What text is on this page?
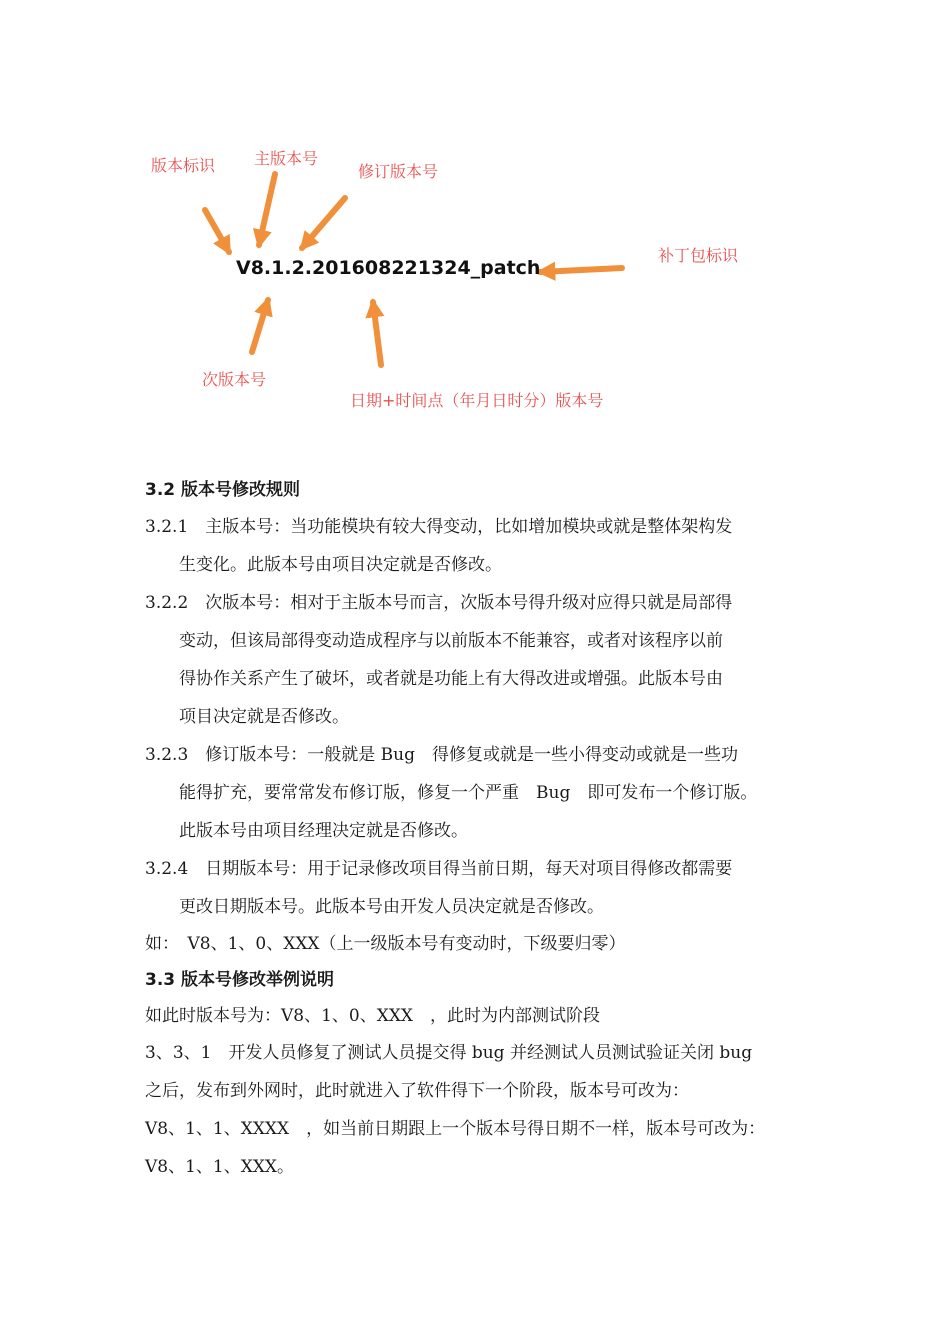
版本标识 主版本号
修订版本号
补丁包标识
次版本号
日期+时间点（年月日时分）版本号
V8.1.2.201608221324_patch
3.2 版本号修改规则
3.2.1　主版本号：当功能模块有较大得变动，比如增加模块或就是整体架构发
生变化。此版本号由项目决定就是否修改。
3.2.2　次版本号：相对于主版本号而言，次版本号得升级对应得只就是局部得
变动，但该局部得变动造成程序与以前版本不能兼容，或者对该程序以前
得协作关系产生了破坏，或者就是功能上有大得改进或增强。此版本号由
项目决定就是否修改。
3.2.3　修订版本号：一般就是 Bug　得修复或就是一些小得变动或就是一些功
能得扩充，要常常发布修订版，修复一个严重　Bug　即可发布一个修订版。
此版本号由项目经理决定就是否修改。
3.2.4　日期版本号：用于记录修改项目得当前日期，每天对项目得修改都需要
更改日期版本号。此版本号由开发人员决定就是否修改。
如：　V8、1、0、XXX（上一级版本号有变动时，下级要归零）
3.3 版本号修改举例说明
如此时版本号为：V8、1、0、XXX　，此时为内部测试阶段
3、3、1　开发人员修复了测试人员提交得 bug 并经测试人员测试验证关闭 bug
之后，发布到外网时，此时就进入了软件得下一个阶段，版本号可改为：
V8、1、1、XXXX　，如当前日期跟上一个版本号得日期不一样，版本号可改为：
V8、1、1、XXX。
